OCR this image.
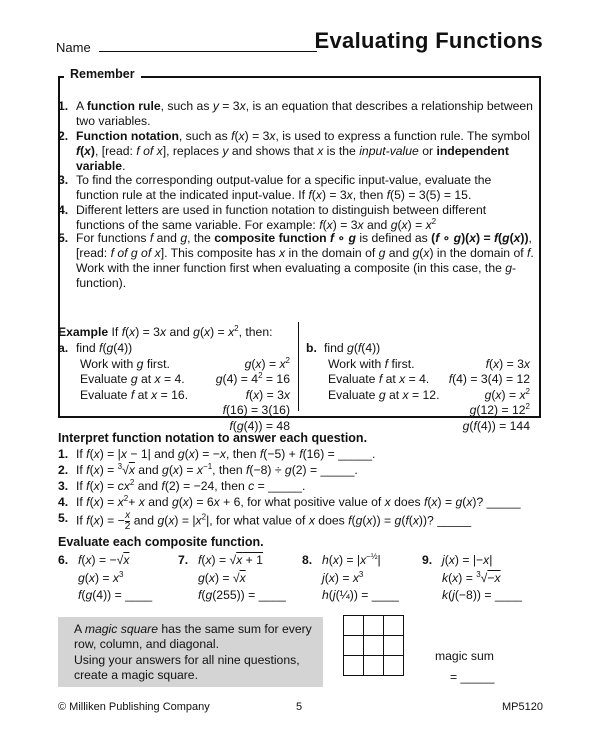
Name	Evaluating Functions
Remember
1. A function rule, such as y = 3x, is an equation that describes a relationship between two variables.
2. Function notation, such as f(x) = 3x, is used to express a function rule. The symbol f(x), [read: f of x], replaces y and shows that x is the input-value or independent variable.
3. To find the corresponding output-value for a specific input-value, evaluate the function rule at the indicated input-value. If f(x) = 3x, then f(5) = 3(5) = 15.
4. Different letters are used in function notation to distinguish between different functions of the same variable. For example: f(x) = 3x and $g(x) = x^2$
5. For functions f and g, the composite function f ∘ g is defined as (f ∘ g)(x) = f(g(x)), [read: f of g of x]. This composite has x in the domain of g and g(x) in the domain of f. Work with the inner function first when evaluating a composite (in this case, the g-function).
Example If f(x) = 3x and $g(x) = x^2$, then:
a. find f(g(4))
Work with g first.	$g(x) = x^2$
Evaluate g at x = 4.	$g(4) = 4^2 = 16$
Evaluate f at x = 16.	f(x) = 3x
f(16) = 3(16)
f(g(4)) = 48
b. find g(f(4))
Work with f first.	f(x) = 3x
Evaluate f at x = 4. f(4) = 3(4) = 12
Evaluate g at x = 12.	$g(x) = x^2$
$g(12) = 12^2$
g(f(4)) = 144
Interpret function notation to answer each question.
1. If f(x) = |x − 1| and g(x) = −x, then f(−5) + f(16) = _____.
2. If f(x) = $^3$√x and $g(x) = x^{-1}$, then f(−8) ÷ g(2) = _____.
3. If $f(x) = cx^2$ and f(2) = −24, then c = _____.
4. If $f(x) = x^2+ x$ and g(x) = 6x + 6, for what positive value of x does f(x) = g(x)? _____
5. If $f(x) = -\frac{x}{2}$ and $g(x) = |x^2|$, for what value of x does f(g(x)) = g(f(x))? _____
Evaluate each composite function.
6. f(x) = −√x
$g(x) = x^3$
f(g(4)) = ____
7. f(x) = √x + 1
g(x) = √x
f(g(255)) = ____
8. $h(x) = |x^{-\frac{1}{2}}|$
$j(x) = x^3$
h(j(¼)) = ____
9. j(x) = |−x|
k(x) = $^3$√−x
k(j(−8)) = ____
A magic square has the same sum for every row, column, and diagonal.
Using your answers for all nine questions, create a magic square.
magic sum
= _____
© Milliken Publishing Company	5	MP5120
